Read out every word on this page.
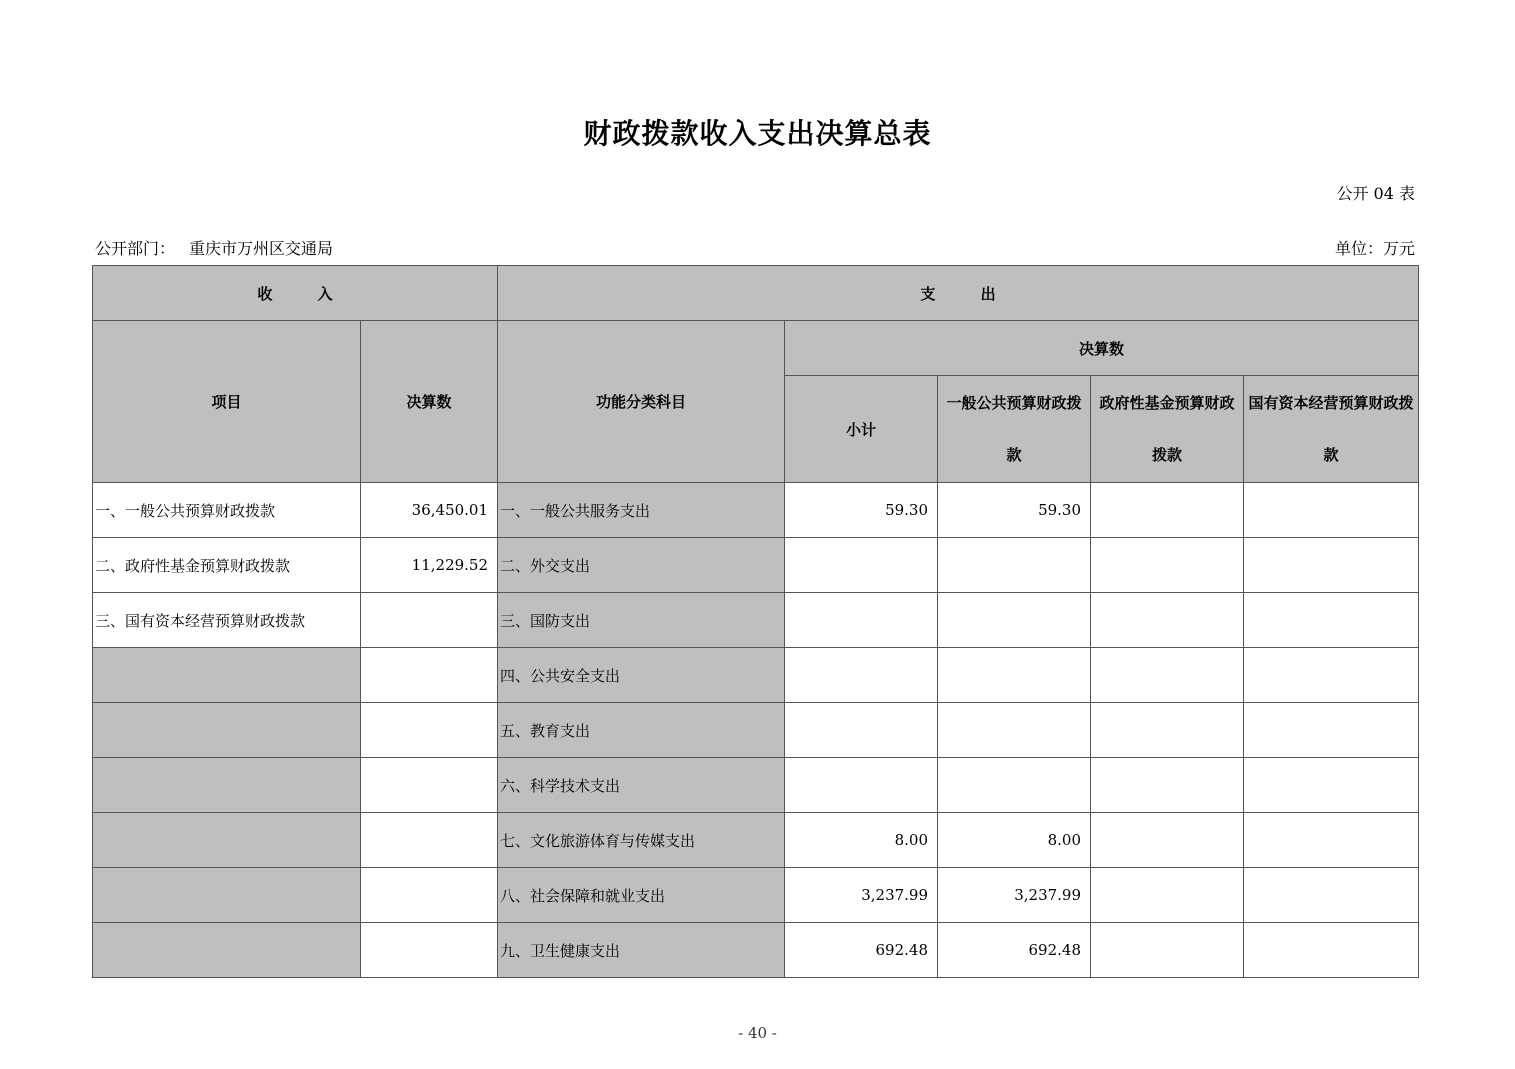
财政拨款收入支出决算总表
公开 04 表
公开部门： 重庆市万州区交通局	单位：万元
收 入		支 出				
项目	决算数	功能分类科目	决算数			
			小计	一般公共预算财政拨款	政府性基金预算财政拨款	国有资本经营预算财政拨款
一、一般公共预算财政拨款	36,450.01	一、一般公共服务支出	59.30	59.30		
二、政府性基金预算财政拨款	11,229.52	二、外交支出				
三、国有资本经营预算财政拨款		三、国防支出				
		四、公共安全支出				
		五、教育支出				
		六、科学技术支出				
		七、文化旅游体育与传媒支出	8.00	8.00		
		八、社会保障和就业支出	3,237.99	3,237.99		
		九、卫生健康支出	692.48	692.48		
- 40 -
